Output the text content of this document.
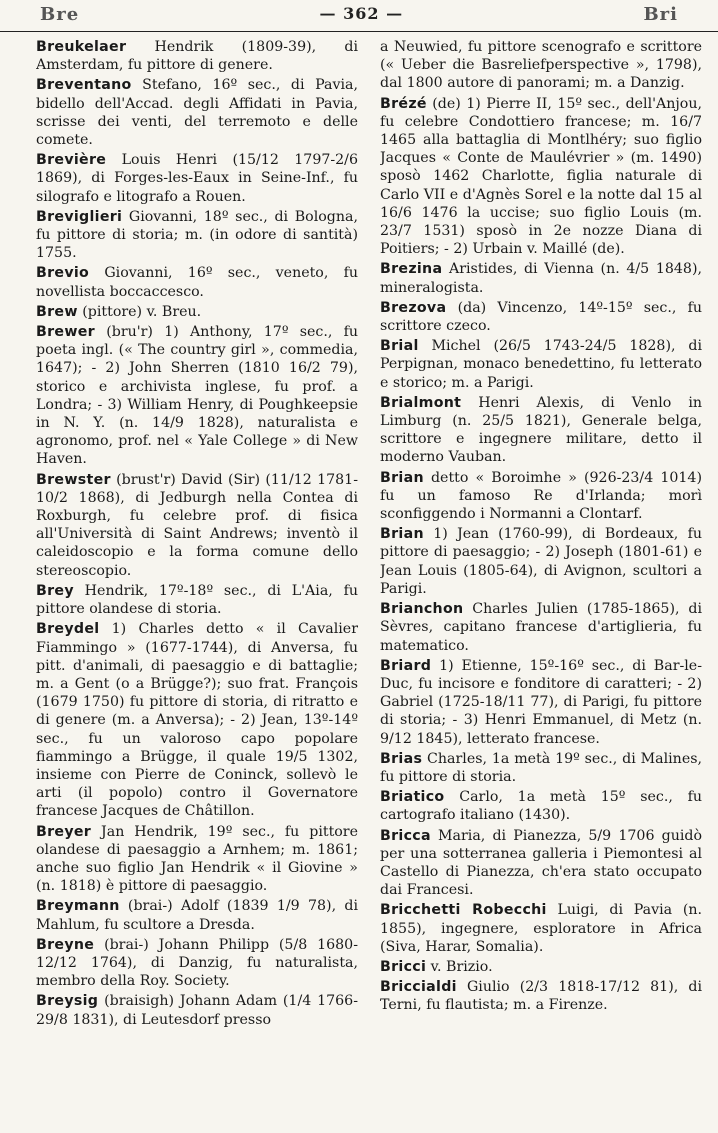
Bre	— 362 —	Bri

Breukelaer Hendrik (1809-39), di Amsterdam, fu pittore di genere.

Breventano Stefano, 16º sec., di Pavia, bidello dell'Accad. degli Affidati in Pavia, scrisse dei venti, del terremoto e delle comete.

Brevière Louis Henri (15/12 1797-2/6 1869), di Forges-les-Eaux in Seine-Inf., fu silografo e litografo a Rouen.

Breviglieri Giovanni, 18º sec., di Bologna, fu pittore di storia; m. (in odore di santità) 1755.

Brevio Giovanni, 16º sec., veneto, fu novellista boccaccesco.

Brew (pittore) v. Breu.

Brewer (bru'r) 1) Anthony, 17º sec., fu poeta ingl. (« The country girl », commedia, 1647); - 2) John Sherren (1810 16/2 79), storico e archivista inglese, fu prof. a Londra; - 3) William Henry, di Poughkeepsie in N. Y. (n. 14/9 1828), naturalista e agronomo, prof. nel « Yale College » di New Haven.

Brewster (brust'r) David (Sir) (11/12 1781-10/2 1868), di Jedburgh nella Contea di Roxburgh, fu celebre prof. di fisica all'Università di Saint Andrews; inventò il caleidoscopio e la forma comune dello stereoscopio.

Brey Hendrik, 17º-18º sec., di L'Aia, fu pittore olandese di storia.

Breydel 1) Charles detto « il Cavalier Fiammingo » (1677-1744), di Anversa, fu pitt. d'animali, di paesaggio e di battaglie; m. a Gent (o a Brügge?); suo frat. François (1679 1750) fu pittore di storia, di ritratto e di genere (m. a Anversa); - 2) Jean, 13º-14º sec., fu un valoroso capo popolare fiammingo a Brügge, il quale 19/5 1302, insieme con Pierre de Coninck, sollevò le arti (il popolo) contro il Governatore francese Jacques de Châtillon.

Breyer Jan Hendrik, 19º sec., fu pittore olandese di paesaggio a Arnhem; m. 1861; anche suo figlio Jan Hendrik « il Giovine » (n. 1818) è pittore di paesaggio.

Breymann (brai-) Adolf (1839 1/9 78), di Mahlum, fu scultore a Dresda.

Breyne (brai-) Johann Philipp (5/8 1680-12/12 1764), di Danzig, fu naturalista, membro della Roy. Society.

Breysig (braisigh) Johann Adam (1/4 1766-29/8 1831), di Leutesdorf presso

a Neuwied, fu pittore scenografo e scrittore (« Ueber die Basreliefperspective », 1798), dal 1800 autore di panorami; m. a Danzig.

Brézé (de) 1) Pierre II, 15º sec., dell'Anjou, fu celebre Condottiero francese; m. 16/7 1465 alla battaglia di Montlhéry; suo figlio Jacques « Conte de Maulévrier » (m. 1490) sposò 1462 Charlotte, figlia naturale di Carlo VII e d'Agnès Sorel e la notte dal 15 al 16/6 1476 la uccise; suo figlio Louis (m. 23/7 1531) sposò in 2e nozze Diana di Poitiers; - 2) Urbain v. Maillé (de).

Brezina Aristides, di Vienna (n. 4/5 1848), mineralogista.

Brezova (da) Vincenzo, 14º-15º sec., fu scrittore czeco.

Brial Michel (26/5 1743-24/5 1828), di Perpignan, monaco benedettino, fu letterato e storico; m. a Parigi.

Brialmont Henri Alexis, di Venlo in Limburg (n. 25/5 1821), Generale belga, scrittore e ingegnere militare, detto il moderno Vauban.

Brian detto « Boroimhe » (926-23/4 1014) fu un famoso Re d'Irlanda; morì sconfiggendo i Normanni a Clontarf.

Brian 1) Jean (1760-99), di Bordeaux, fu pittore di paesaggio; - 2) Joseph (1801-61) e Jean Louis (1805-64), di Avignon, scultori a Parigi.

Brianchon Charles Julien (1785-1865), di Sèvres, capitano francese d'artiglieria, fu matematico.

Briard 1) Etienne, 15º-16º sec., di Bar-le-Duc, fu incisore e fonditore di caratteri; - 2) Gabriel (1725-18/11 77), di Parigi, fu pittore di storia; - 3) Henri Emmanuel, di Metz (n. 9/12 1845), letterato francese.

Brias Charles, 1a metà 19º sec., di Malines, fu pittore di storia.

Briatico Carlo, 1a metà 15º sec., fu cartografo italiano (1430).

Bricca Maria, di Pianezza, 5/9 1706 guidò per una sotterranea galleria i Piemontesi al Castello di Pianezza, ch'era stato occupato dai Francesi.

Bricchetti Robecchi Luigi, di Pavia (n. 1855), ingegnere, esploratore in Africa (Siva, Harar, Somalia).

Bricci v. Brizio.

Briccialdi Giulio (2/3 1818-17/12 81), di Terni, fu flautista; m. a Firenze.
